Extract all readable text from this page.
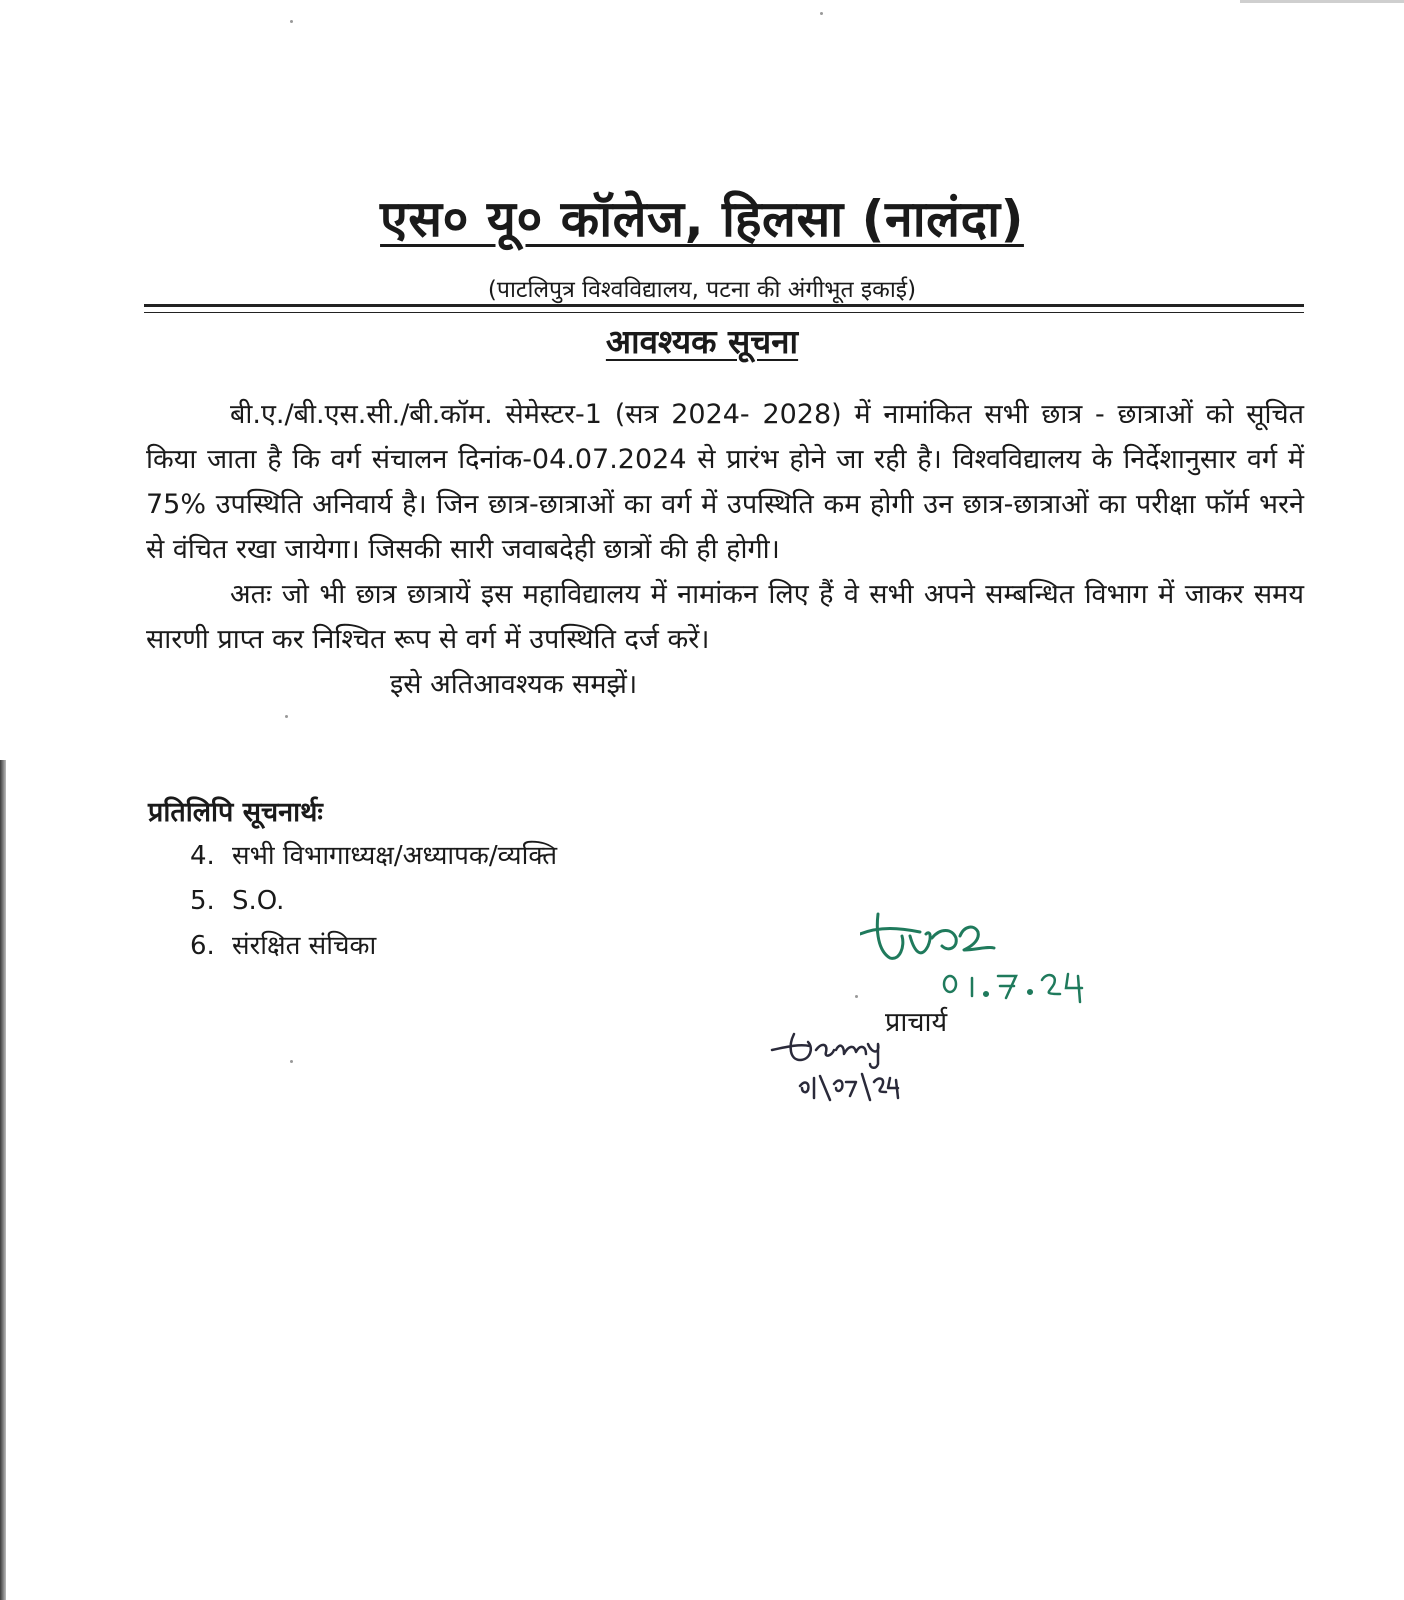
एस० यू० कॉलेज, हिलसा (नालंदा)
(पाटलिपुत्र विश्वविद्यालय, पटना की अंगीभूत इकाई)
आवश्यक सूचना

बी.ए./बी.एस.सी./बी.कॉम. सेमेस्टर-1 (सत्र 2024- 2028) में नामांकित सभी छात्र - छात्राओं को सूचित किया जाता है कि वर्ग संचालन दिनांक-04.07.2024 से प्रारंभ होने जा रही है। विश्वविद्यालय के निर्देशानुसार वर्ग में 75% उपस्थिति अनिवार्य है। जिन छात्र-छात्राओं का वर्ग में उपस्थिति कम होगी उन छात्र-छात्राओं का परीक्षा फॉर्म भरने से वंचित रखा जायेगा। जिसकी सारी जवाबदेही छात्रों की ही होगी।

अतः जो भी छात्र छात्रायें इस महाविद्यालय में नामांकन लिए हैं वे सभी अपने सम्बन्धित विभाग में जाकर समय सारणी प्राप्त कर निश्चित रूप से वर्ग में उपस्थिति दर्ज करें।

इसे अतिआवश्यक समझें।

प्रतिलिपि सूचनार्थः
4. सभी विभागाध्यक्ष/अध्यापक/व्यक्ति
5. S.O.
6. संरक्षित संचिका
प्राचार्य
